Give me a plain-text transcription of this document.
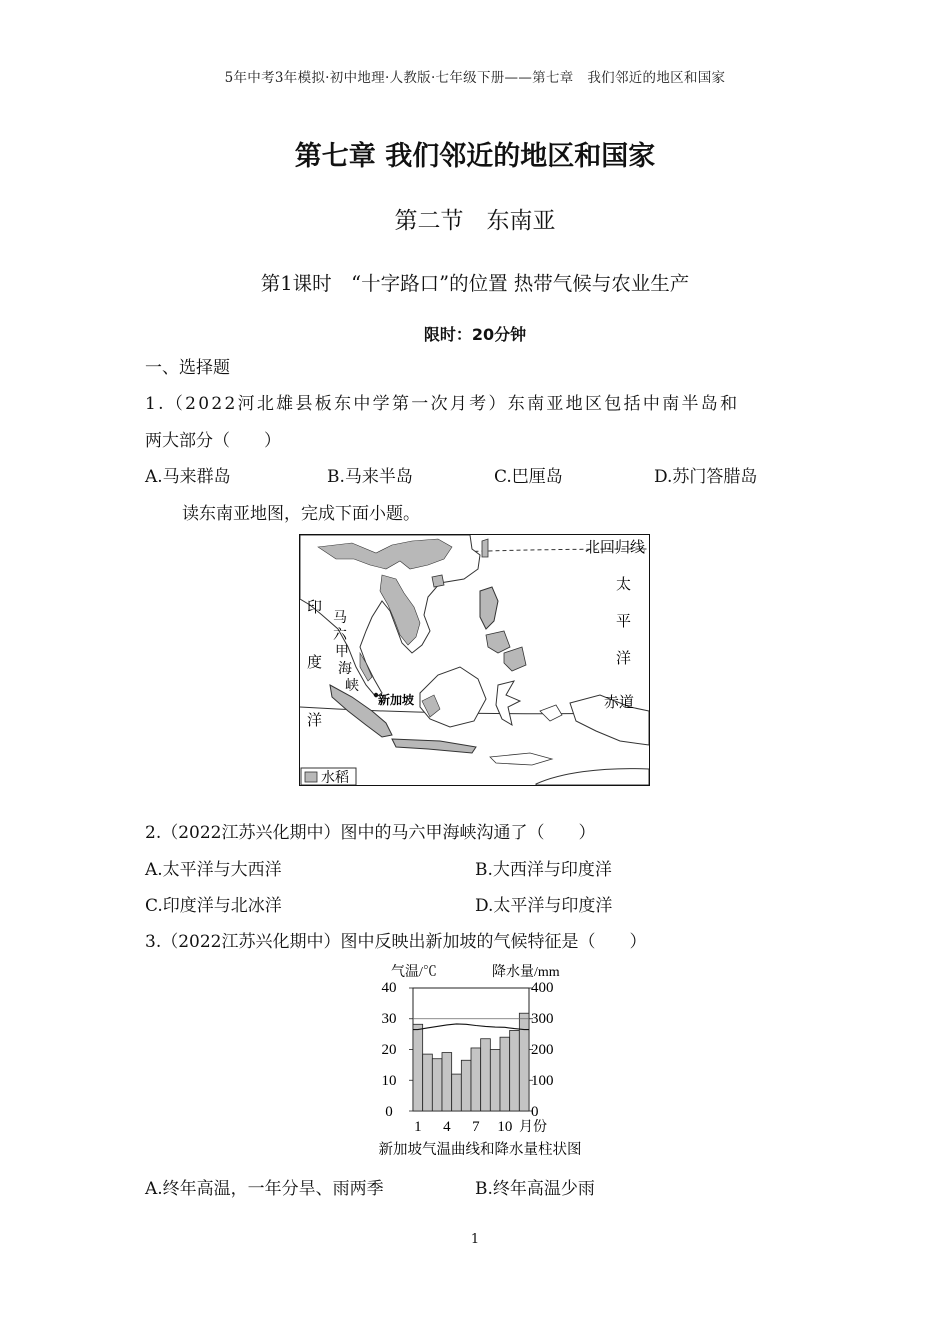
5年中考3年模拟·初中地理·人教版·七年级下册——第七章　我们邻近的地区和国家
第七章 我们邻近的地区和国家
第二节　东南亚
第1课时　“十字路口”的位置 热带气候与农业生产
限时：20分钟
一、选择题
1.（2022河北雄县板东中学第一次月考）东南亚地区包括中南半岛和
两大部分（　　）
A.马来群岛	B.马来半岛	C.巴厘岛	D.苏门答腊岛
读东南亚地图，完成下面小题。
北回归线
赤道
太
平
洋
印
度
洋
马
六
甲
海
峡
新加坡
水稻
2.（2022江苏兴化期中）图中的马六甲海峡沟通了（　　）
A.太平洋与大西洋	B.大西洋与印度洋
C.印度洋与北冰洋	D.太平洋与印度洋
3.（2022江苏兴化期中）图中反映出新加坡的气候特征是（　　）
气温/℃	降水量/mm
40
30
20
10
0
400
300
200
100
0
1 4 7 10 月份
新加坡气温曲线和降水量柱状图
A.终年高温，一年分旱、雨两季	B.终年高温少雨
1
